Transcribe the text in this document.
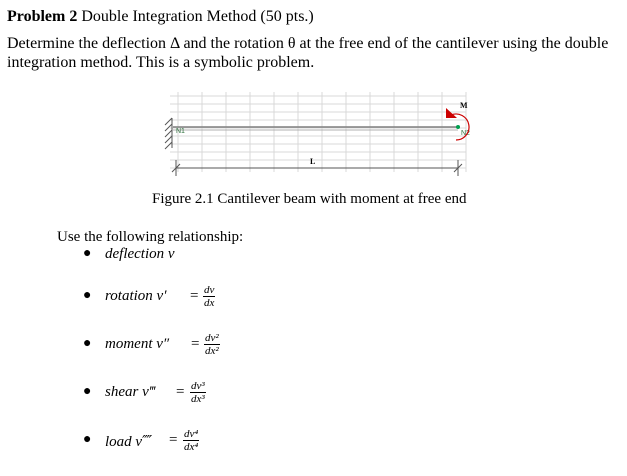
Problem 2 Double Integration Method (50 pts.)
Determine the deflection Δ and the rotation θ at the free end of the cantilever using the double integration method. This is a symbolic problem.
N1	N2
M
L
Figure 2.1 Cantilever beam with moment at free end
Use the following relationship:
● deflection v
● rotation $v' = \frac{dv}{dx}$
● moment $v'' = \frac{\text{dv²}}{\text{dx²}}$
● shear v‴ = $\frac{\text{dv³}}{\text{dx³}}$
● load v⁗ = $\frac{\text{dv⁴}}{\text{dx⁴}}$
